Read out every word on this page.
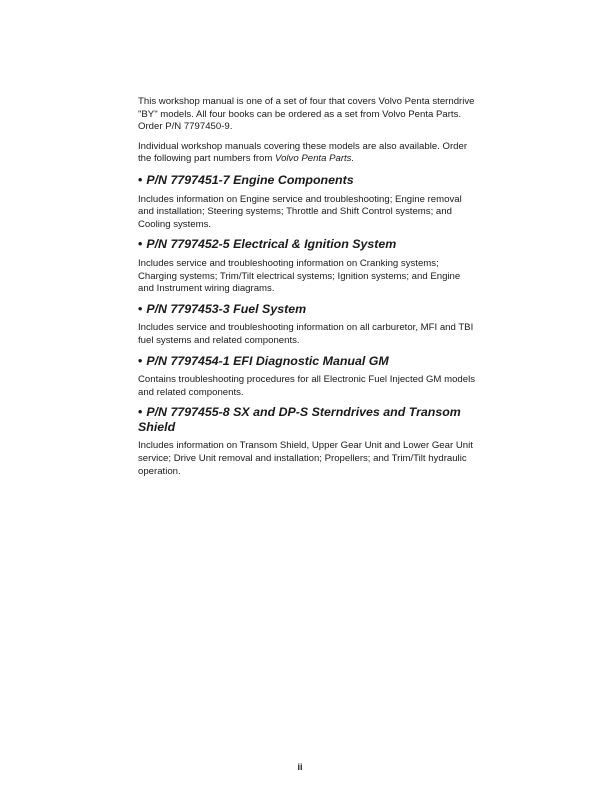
This workshop manual is one of a set of four that covers Volvo Penta sterndrive "BY" models. All four books can be ordered as a set from Volvo Penta Parts. Order P/N 7797450-9.

Individual workshop manuals covering these models are also available. Order the following part numbers from Volvo Penta Parts.

• P/N 7797451-7 Engine Components

Includes information on Engine service and troubleshooting; Engine removal and installation; Steering systems; Throttle and Shift Control systems; and Cooling systems.

• P/N 7797452-5 Electrical & Ignition System

Includes service and troubleshooting information on Cranking systems; Charging systems; Trim/Tilt electrical systems; Ignition systems; and Engine and Instrument wiring diagrams.

• P/N 7797453-3 Fuel System

Includes service and troubleshooting information on all carburetor, MFI and TBI fuel systems and related components.

• P/N 7797454-1 EFI Diagnostic Manual GM

Contains troubleshooting procedures for all Electronic Fuel Injected GM models and related components.

• P/N 7797455-8 SX and DP-S Sterndrives and Transom Shield

Includes information on Transom Shield, Upper Gear Unit and Lower Gear Unit service; Drive Unit removal and installation; Propellers; and Trim/Tilt hydraulic operation.

ii
